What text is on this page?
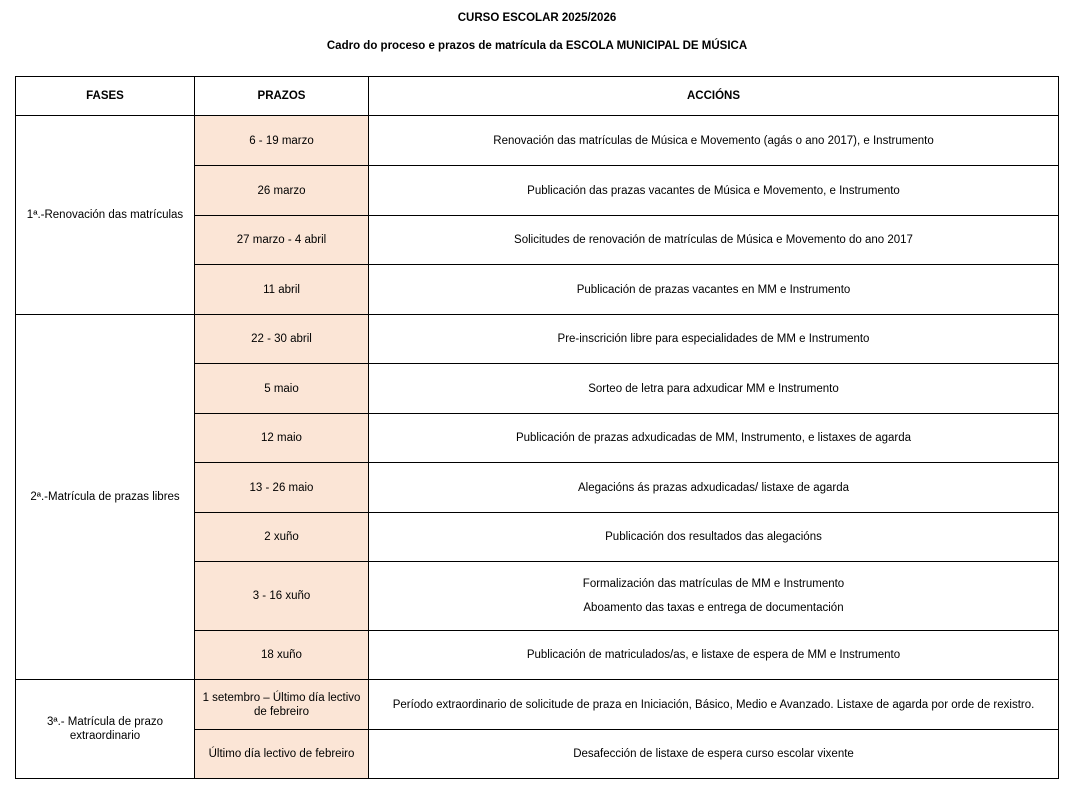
CURSO ESCOLAR 2025/2026
Cadro do proceso e prazos de matrícula da ESCOLA MUNICIPAL DE MÚSICA
FASES	PRAZOS	ACCIÓNS
1ª.-Renovación das matrículas	6 - 19 marzo	Renovación das matrículas de Música e Movemento (agás o ano 2017), e Instrumento
	26 marzo	Publicación das prazas vacantes de Música e Movemento, e Instrumento
	27 marzo - 4 abril	Solicitudes de renovación de matrículas de Música e Movemento do ano 2017
	11 abril	Publicación de prazas vacantes en MM e Instrumento
2ª.-Matrícula de prazas libres	22 - 30 abril	Pre-inscrición libre para especialidades de MM e Instrumento
	5 maio	Sorteo de letra para adxudicar MM e Instrumento
	12 maio	Publicación de prazas adxudicadas de MM, Instrumento, e listaxes de agarda
	13 - 26 maio	Alegacións ás prazas adxudicadas/ listaxe de agarda
	2 xuño	Publicación dos resultados das alegacións
	3 - 16 xuño	Formalización das matrículas de MM e Instrumento
Aboamento das taxas e entrega de documentación

	18 xuño	Publicación de matriculados/as, e listaxe de espera de MM e Instrumento
3ª.- Matrícula de prazo extraordinario	1 setembro – Último día lectivo de febreiro	Período extraordinario de solicitude de praza en Iniciación, Básico, Medio e Avanzado. Listaxe de agarda por orde de rexistro.
	Último día lectivo de febreiro	Desafección de listaxe de espera curso escolar vixente
